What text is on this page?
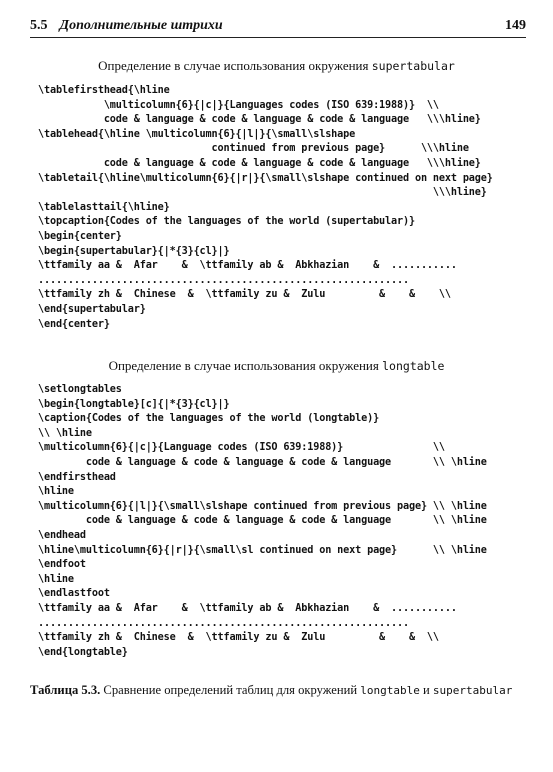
5.5 Дополнительные штрихи	149
Определение в случае использования окружения supertabular
\tablefirsthead{\hline
\multicolumn{6}{|c|}{Languages codes (ISO 639:1988)}  \\
code & language & code & language & code & language   \\\hline}
\tablehead{\hline \multicolumn{6}{|l|}{\small\slshape
continued from previous page}      \\\hline
code & language & code & language & code & language   \\\hline}
\tabletail{\hline\multicolumn{6}{|r|}{\small\slshape continued on next page}
\\\hline}
\tablelasttail{\hline}
\topcaption{Codes of the languages of the world (supertabular)}
\begin{center}
\begin{supertabular}{|*{3}{cl}|}
\ttfamily aa &  Afar    &  \ttfamily ab &  Abkhazian    &  ...........
..............................................................
\ttfamily zh &  Chinese  &  \ttfamily zu &  Zulu         &    &    \\
\end{supertabular}
\end{center}
Определение в случае использования окружения longtable
\setlongtables
\begin{longtable}[c]{|*{3}{cl}|}
\caption{Codes of the languages of the world (longtable)}
\\ \hline
\multicolumn{6}{|c|}{Language codes (ISO 639:1988)}               \\
code & language & code & language & code & language       \\ \hline
\endfirsthead
\hline
\multicolumn{6}{|l|}{\small\slshape continued from previous page} \\ \hline
code & language & code & language & code & language       \\ \hline
\endhead
\hline\multicolumn{6}{|r|}{\small\sl continued on next page}      \\ \hline
\endfoot
\hline
\endlastfoot
\ttfamily aa &  Afar    &  \ttfamily ab &  Abkhazian    &  ...........
..............................................................
\ttfamily zh &  Chinese  &  \ttfamily zu &  Zulu         &    &  \\
\end{longtable}
Таблица 5.3. Сравнение определений таблиц для окружений longtable и supertabular
